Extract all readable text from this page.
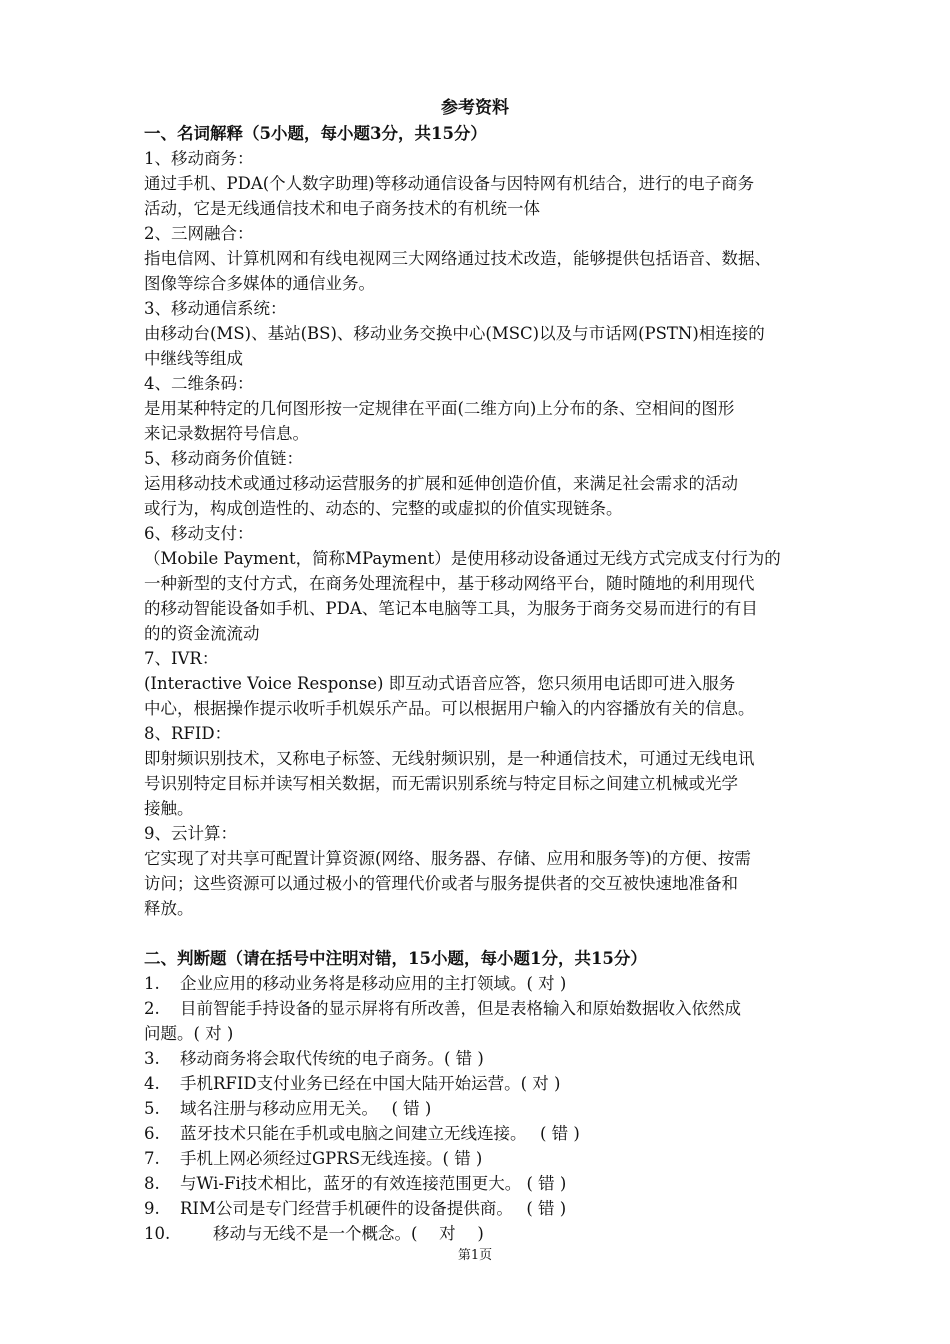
参考资料
一、名词解释（5小题，每小题3分，共15分）
1、移动商务：
通过手机、PDA(个人数字助理)等移动通信设备与因特网有机结合，进行的电子商务
活动，它是无线通信技术和电子商务技术的有机统一体
2、三网融合：
指电信网、计算机网和有线电视网三大网络通过技术改造，能够提供包括语音、数据、
图像等综合多媒体的通信业务。
3、移动通信系统：
由移动台(MS)、基站(BS)、移动业务交换中心(MSC)以及与市话网(PSTN)相连接的
中继线等组成
4、二维条码：
是用某种特定的几何图形按一定规律在平面(二维方向)上分布的条、空相间的图形
来记录数据符号信息。
5、移动商务价值链：
运用移动技术或通过移动运营服务的扩展和延伸创造价值，来满足社会需求的活动
或行为，构成创造性的、动态的、完整的或虚拟的价值实现链条。
6、移动支付：
（Mobile Payment，简称MPayment）是使用移动设备通过无线方式完成支付行为的
一种新型的支付方式，在商务处理流程中，基于移动网络平台，随时随地的利用现代
的移动智能设备如手机、PDA、笔记本电脑等工具，为服务于商务交易而进行的有目
的的资金流流动
7、IVR：
(Interactive Voice Response) 即互动式语音应答，您只须用电话即可进入服务
中心，根据操作提示收听手机娱乐产品。可以根据用户输入的内容播放有关的信息。
8、RFID：
即射频识别技术，又称电子标签、无线射频识别，是一种通信技术，可通过无线电讯
号识别特定目标并读写相关数据，而无需识别系统与特定目标之间建立机械或光学
接触。
9、云计算：
它实现了对共享可配置计算资源(网络、服务器、存储、应用和服务等)的方便、按需
访问；这些资源可以通过极小的管理代价或者与服务提供者的交互被快速地准备和
释放。
二、判断题（请在括号中注明对错，15小题，每小题1分，共15分）
1. 企业应用的移动业务将是移动应用的主打领域。( 对 )
2. 目前智能手持设备的显示屏将有所改善，但是表格输入和原始数据收入依然成
问题。( 对 )
3. 移动商务将会取代传统的电子商务。( 错 )
4. 手机RFID支付业务已经在中国大陆开始运营。( 对 )
5. 域名注册与移动应用无关。　 ( 错 )
6. 蓝牙技术只能在手机或电脑之间建立无线连接。　 ( 错 )
7. 手机上网必须经过GPRS无线连接。( 错 )
8. 与Wi-Fi技术相比，蓝牙的有效连接范围更大。 ( 错 )
9. RIM公司是专门经营手机硬件的设备提供商。　 ( 错 )
10.　　移动与无线不是一个概念。(　 对　 )
第1页
